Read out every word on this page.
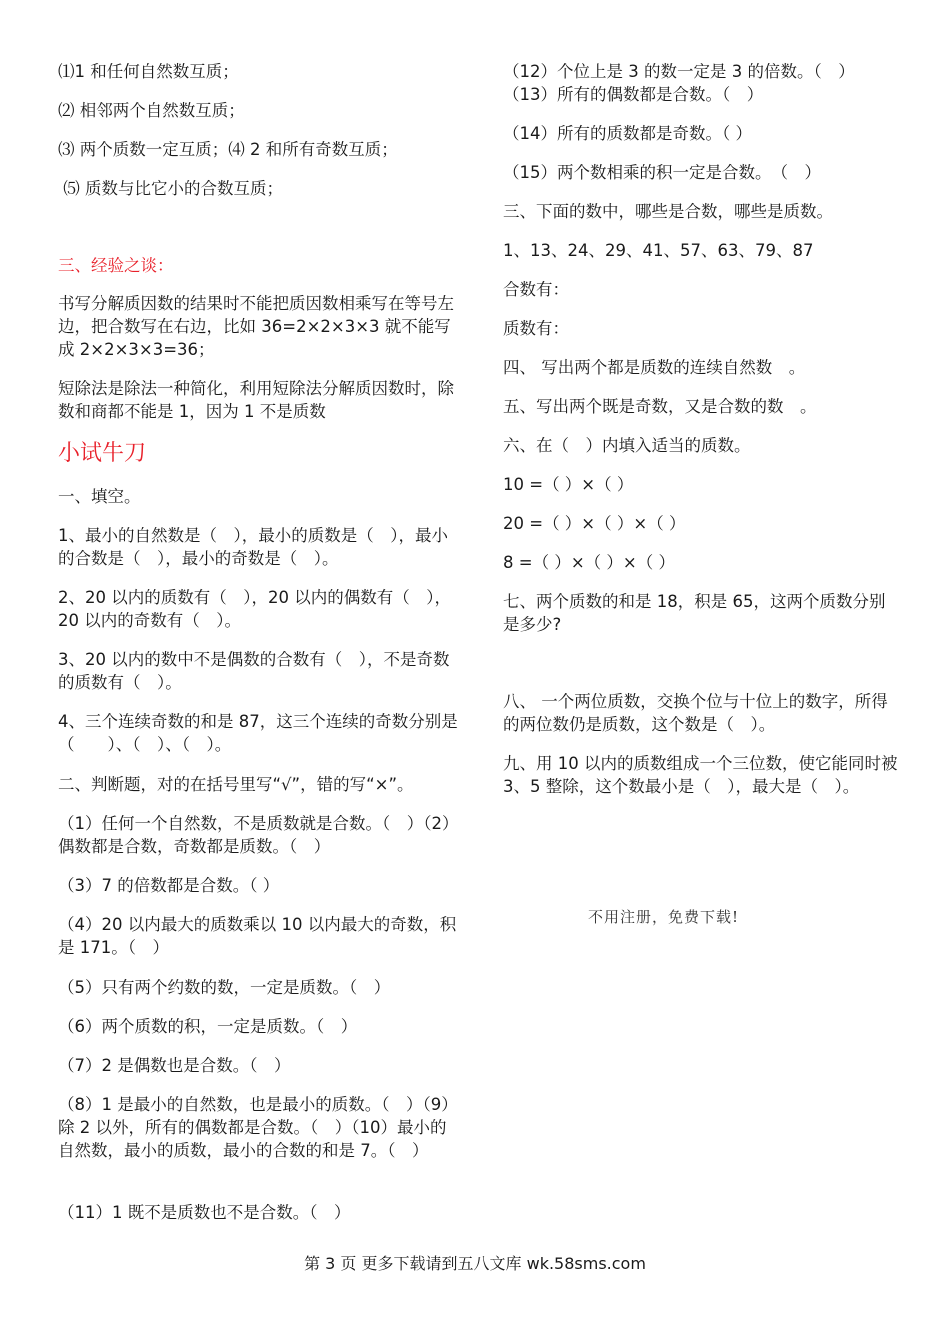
⑴1 和任何自然数互质；

⑵ 相邻两个自然数互质；

⑶ 两个质数一定互质；⑷ 2 和所有奇数互质；

⑸ 质数与比它小的合数互质；

三、经验之谈：

书写分解质因数的结果时不能把质因数相乘写在等号左边，把合数写在右边，比如 36=2×2×3×3 就不能写成 2×2×3×3=36；

短除法是除法一种简化，利用短除法分解质因数时，除数和商都不能是 1，因为 1 不是质数

小试牛刀

一、填空。

1、最小的自然数是（　），最小的质数是（　），最小的合数是（　），最小的奇数是（　）。

2、20 以内的质数有（　），20 以内的偶数有（　），20 以内的奇数有（　）。

3、20 以内的数中不是偶数的合数有（　），不是奇数的质数有（　）。

4、三个连续奇数的和是 87，这三个连续的奇数分别是（　　）、（　）、（　）。

二、判断题，对的在括号里写“√”，错的写“×”。

（1）任何一个自然数，不是质数就是合数。（　）（2）偶数都是合数，奇数都是质数。（　）

（3）7 的倍数都是合数。（ ）

（4）20 以内最大的质数乘以 10 以内最大的奇数，积是 171。（　）

（5）只有两个约数的数，一定是质数。（　）

（6）两个质数的积，一定是质数。（　）

（7）2 是偶数也是合数。（　）

（8）1 是最小的自然数，也是最小的质数。（　）（9）除 2 以外，所有的偶数都是合数。（　）（10）最小的自然数，最小的质数，最小的合数的和是 7。（　）

（11）1 既不是质数也不是合数。（　）

（12）个位上是 3 的数一定是 3 的倍数。（　）

（13）所有的偶数都是合数。（　）

（14）所有的质数都是奇数。（ ）

（15）两个数相乘的积一定是合数。　（　）

三、下面的数中，哪些是合数，哪些是质数。

1、13、24、29、41、57、63、79、87

合数有：

质数有：

四、 写出两个都是质数的连续自然数　。

五、写出两个既是奇数，又是合数的数　。

六、在（　）内填入适当的质数。

10 =（ ）×（ ）

20 =（ ）×（ ）×（ ）

8 =（ ）×（ ）×（ ）

七、两个质数的和是 18，积是 65，这两个质数分别是多少?

八、 一个两位质数，交换个位与十位上的数字，所得的两位数仍是质数，这个数是（　）。

九、用 10 以内的质数组成一个三位数，使它能同时被 3、5 整除，这个数最小是（　），最大是（　）。

不用注册，免费下载!
第 3 页 更多下载请到五八文库 wk.58sms.com
